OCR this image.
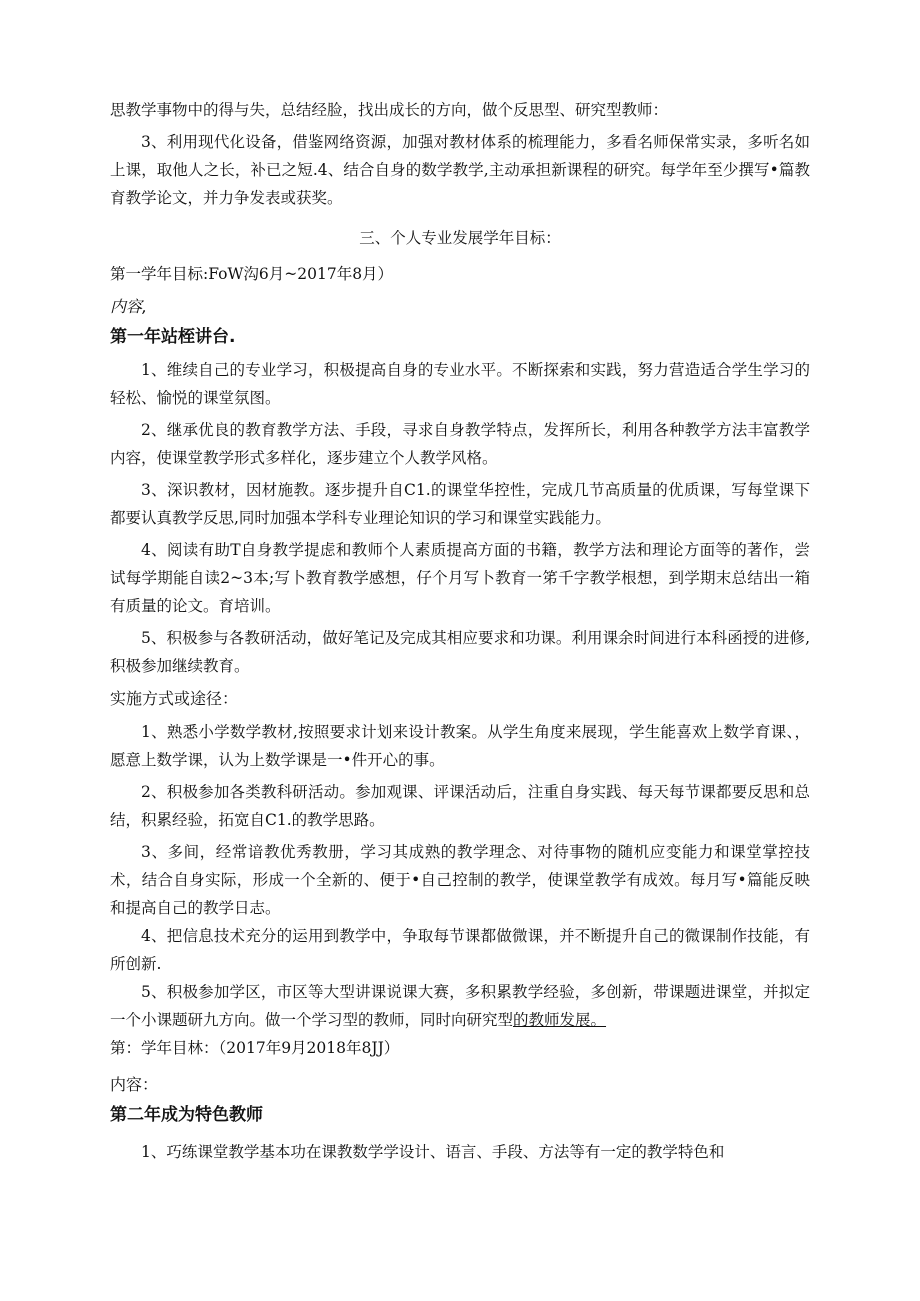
思教学事物中的得与失，总结经脸，找出成长的方向，做个反思型、研究型教师：

3、利用现代化设备，借鉴网络资源，加强对教材体系的梳理能力，多看名师保常实录，多听名如上课，取他人之长，补已之短.4、结合自身的数学教学,主动承担新课程的研究。每学年至少撰写•篇教育教学论文，并力争发表或获奖。

三、个人专业发展学年目标：

第一学年目标:FoW沟6月~2017年8月）

内容,

第一年站桎讲台.

1、维续自己的专业学习，积极提高自身的专业水平。不断探索和实践，努力营造适合学生学习的轻松、愉悦的课堂氛图。

2、继承优良的教育教学方法、手段，寻求自身教学特点，发挥所长，利用各种教学方法丰富教学内容，使课堂教学形式多样化，逐步建立个人教学风格。

3、深识教材，因材施教。逐步提升自C1.的课堂华控性，完成几节高质量的优质课，写每堂课下都要认真教学反思,同时加强本学科专业理论知识的学习和课堂实践能力。

4、阅读有助T自身教学提虑和教师个人素质提高方面的书籍，教学方法和理论方面等的著作，尝试每学期能自读2~3本;写卜教育教学感想，仔个月写卜教育一笫千字教学根想，到学期末总结出一箱有质量的论文。育培训。

5、积极参与各教研活动，做好笔记及完成其相应要求和功课。利用课余时间进行本科函授的进修,积极参加继续教育。

实施方式或途径：

1、熟悉小学数学教材,按照要求计划来设计教案。从学生角度来展现，学生能喜欢上数学育课、，愿意上数学课，认为上数学课是一•件开心的事。

2、积极参加各类教科研活动。参加观课、评课活动后，注重自身实践、每天每节课都要反思和总结，积累经验，拓宽自C1.的教学思路。

3、多间，经常谙教优秀教册，学习其成熟的教学理念、对待事物的随机应变能力和课堂掌控技术，结合自身实际，形成一个全新的、便于•自己控制的教学，使课堂教学有成效。每月写•篇能反映和提高自己的教学日志。

4、把信息技术充分的运用到教学中，争取每节课都做微课，并不断提升自己的微课制作技能，有所创新.

5、积极参加学区，市区等大型讲课说课大赛，多积累教学经验，多创新，带课题进课堂，并拟定一个小课题研九方向。做一个学习型的教师，同时向研究型的教师发展。

第：学年目林：（2017年9月2018年8JJ）

内容：

第二年成为特色教师

1、巧练课堂教学基本功在课教数学学设计、语言、手段、方法等有一定的教学特色和
